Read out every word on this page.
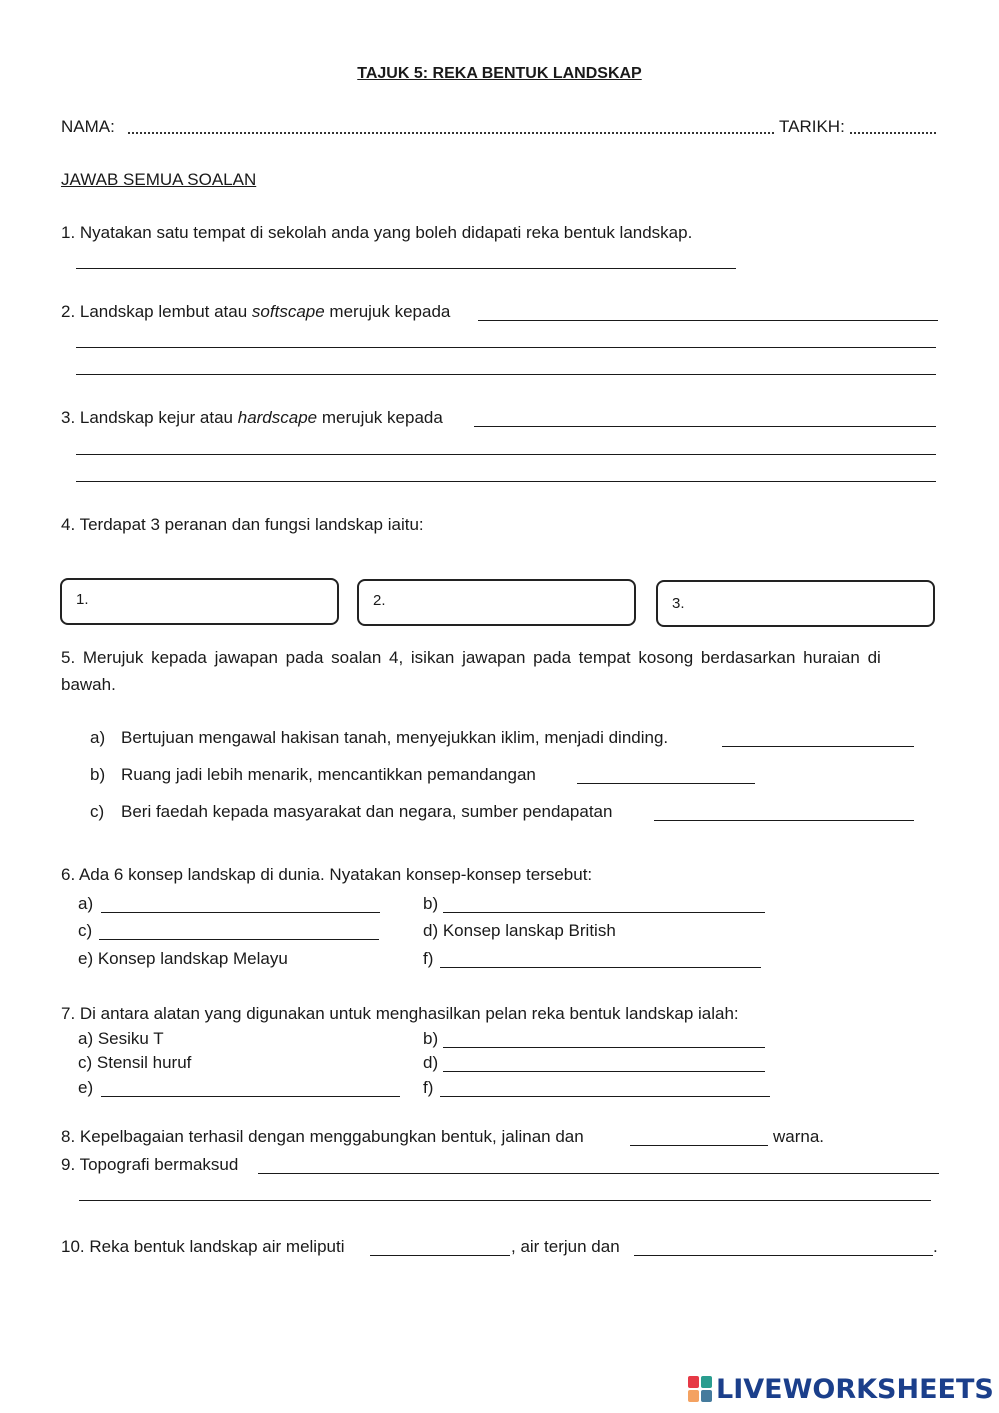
TAJUK 5: REKA BENTUK LANDSKAP
NAMA:	TARIKH:
JAWAB SEMUA SOALAN
1. Nyatakan satu tempat di sekolah anda yang boleh didapati reka bentuk landskap.
2. Landskap lembut atau softscape merujuk kepada
3. Landskap kejur atau hardscape merujuk kepada
4. Terdapat 3 peranan dan fungsi landskap iaitu:
1.	2.	3.
5. Merujuk kepada jawapan pada soalan 4, isikan jawapan pada tempat kosong berdasarkan huraian di
bawah.
a) Bertujuan mengawal hakisan tanah, menyejukkan iklim, menjadi dinding.
b) Ruang jadi lebih menarik, mencantikkan pemandangan
c) Beri faedah kepada masyarakat dan negara, sumber pendapatan
6. Ada 6 konsep landskap di dunia. Nyatakan konsep-konsep tersebut:
a)	b)
c)	d) Konsep lanskap British
e) Konsep landskap Melayu	f)
7. Di antara alatan yang digunakan untuk menghasilkan pelan reka bentuk landskap ialah:
a) Sesiku T	b)
c) Stensil huruf	d)
e)	f)
8. Kepelbagaian terhasil dengan menggabungkan bentuk, jalinan dan	warna.
9. Topografi bermaksud
10. Reka bentuk landskap air meliputi	, air terjun dan	.
LIVEWORKSHEETS
